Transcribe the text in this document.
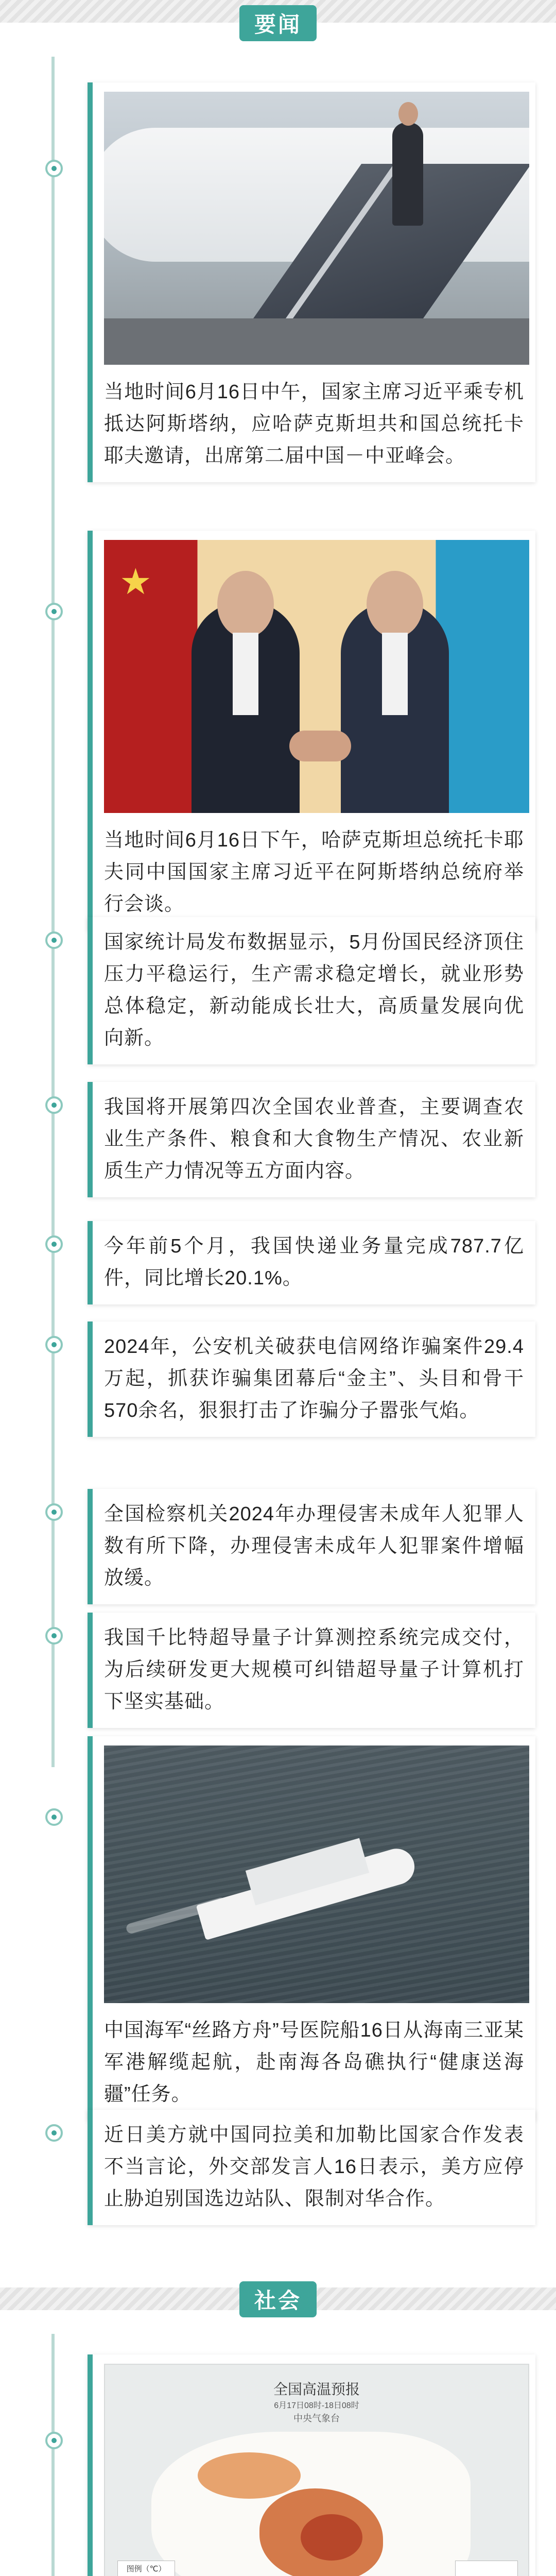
要闻

当地时间6月16日中午，国家主席习近平乘专机抵达阿斯塔纳，应哈萨克斯坦共和国总统托卡耶夫邀请，出席第二届中国－中亚峰会。

★

当地时间6月16日下午，哈萨克斯坦总统托卡耶夫同中国国家主席习近平在阿斯塔纳总统府举行会谈。

国家统计局发布数据显示，5月份国民经济顶住压力平稳运行，生产需求稳定增长，就业形势总体稳定，新动能成长壮大，高质量发展向优向新。

我国将开展第四次全国农业普查，主要调查农业生产条件、粮食和大食物生产情况、农业新质生产力情况等五方面内容。

今年前5个月，我国快递业务量完成787.7亿件，同比增长20.1%。

2024年，公安机关破获电信网络诈骗案件29.4万起，抓获诈骗集团幕后“金主”、头目和骨干570余名，狠狠打击了诈骗分子嚣张气焰。

全国检察机关2024年办理侵害未成年人犯罪人数有所下降，办理侵害未成年人犯罪案件增幅放缓。

我国千比特超导量子计算测控系统完成交付，为后续研发更大规模可纠错超导量子计算机打下坚实基础。

中国海军“丝路方舟”号医院船16日从海南三亚某军港解缆起航，赴南海各岛礁执行“健康送海疆”任务。

近日美方就中国同拉美和加勒比国家合作发表不当言论，外交部发言人16日表示，美方应停止胁迫别国选边站队、限制对华合作。

社会
全国高温预报
6月17日08时-18日08时
中央气象台
图例（℃）
